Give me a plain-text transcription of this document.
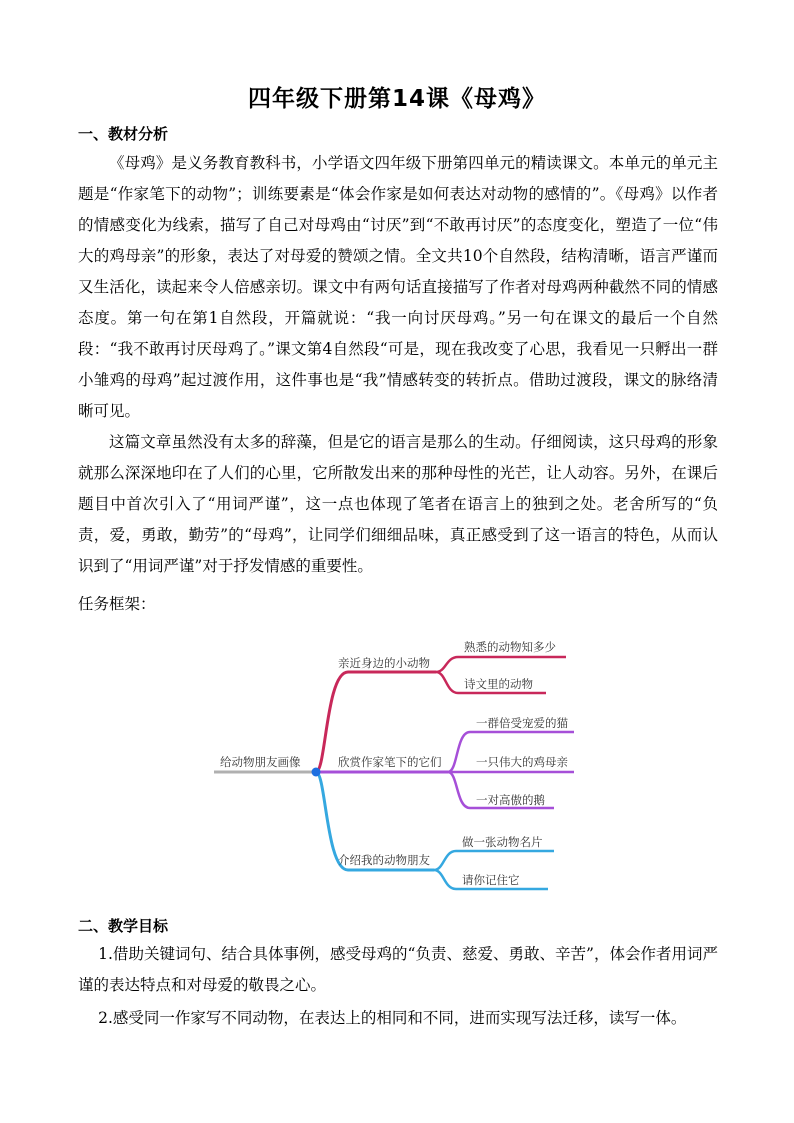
四年级下册第14课《母鸡》
一、教材分析

《母鸡》是义务教育教科书，小学语文四年级下册第四单元的精读课文。本单元的单元主题是“作家笔下的动物”；训练要素是“体会作家是如何表达对动物的感情的”。《母鸡》以作者的情感变化为线索，描写了自己对母鸡由“讨厌”到“不敢再讨厌”的态度变化，塑造了一位“伟大的鸡母亲”的形象，表达了对母爱的赞颂之情。全文共10个自然段，结构清晰，语言严谨而又生活化，读起来令人倍感亲切。课文中有两句话直接描写了作者对母鸡两种截然不同的情感态度。第一句在第1自然段，开篇就说：“我一向讨厌母鸡。”另一句在课文的最后一个自然段：“我不敢再讨厌母鸡了。”课文第4自然段“可是，现在我改变了心思，我看见一只孵出一群小雏鸡的母鸡”起过渡作用，这件事也是“我”情感转变的转折点。借助过渡段，课文的脉络清晰可见。

这篇文章虽然没有太多的辞藻，但是它的语言是那么的生动。仔细阅读，这只母鸡的形象就那么深深地印在了人们的心里，它所散发出来的那种母性的光芒，让人动容。另外，在课后题目中首次引入了“用词严谨”，这一点也体现了笔者在语言上的独到之处。老舍所写的“负责，爱，勇敢，勤劳”的“母鸡”，让同学们细细品味，真正感受到了这一语言的特色，从而认识到了“用词严谨”对于抒发情感的重要性。

任务框架：
给动物朋友画像
亲近身边的小动物
熟悉的动物知多少
诗文里的动物
欣赏作家笔下的它们
一群倍受宠爱的猫
一只伟大的鸡母亲
一对高傲的鹅
介绍我的动物朋友
做一张动物名片
请你记住它
二、教学目标

1.借助关键词句、结合具体事例，感受母鸡的“负责、慈爱、勇敢、辛苦”，体会作者用词严谨的表达特点和对母爱的敬畏之心。

2.感受同一作家写不同动物，在表达上的相同和不同，进而实现写法迁移，读写一体。
